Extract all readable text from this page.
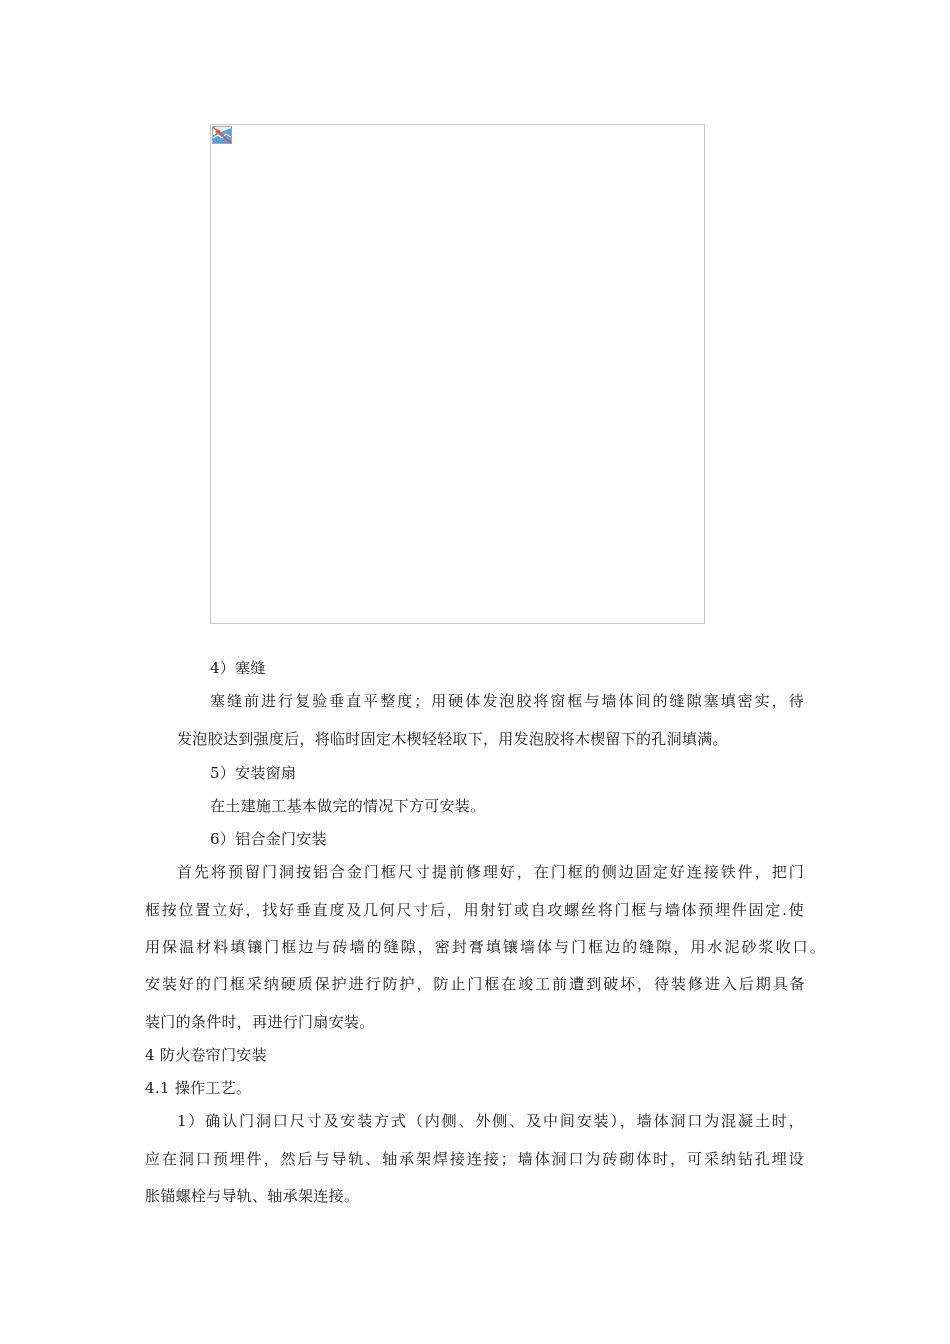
4）塞缝
塞缝前进行复验垂直平整度；用硬体发泡胶将窗框与墙体间的缝隙塞填密实，待
发泡胶达到强度后，将临时固定木楔轻轻取下，用发泡胶将木楔留下的孔洞填满。
5）安装窗扇
在土建施工基本做完的情况下方可安装。
6）铝合金门安装
首先将预留门洞按铝合金门框尺寸提前修理好，在门框的侧边固定好连接铁件，把门
框按位置立好，找好垂直度及几何尺寸后，用射钉或自攻螺丝将门框与墙体预埋件固定.使
用保温材料填镶门框边与砖墙的缝隙，密封膏填镶墙体与门框边的缝隙，用水泥砂浆收口。
安装好的门框采纳硬质保护进行防护，防止门框在竣工前遭到破坏，待装修进入后期具备
装门的条件时，再进行门扇安装。
4 防火卷帘门安装
4.1 操作工艺。
1）确认门洞口尺寸及安装方式（内侧、外侧、及中间安装），墙体洞口为混凝土时，
应在洞口预埋件，然后与导轨、轴承架焊接连接；墙体洞口为砖砌体时，可采纳钻孔埋设
胀锚螺栓与导轨、轴承架连接。
